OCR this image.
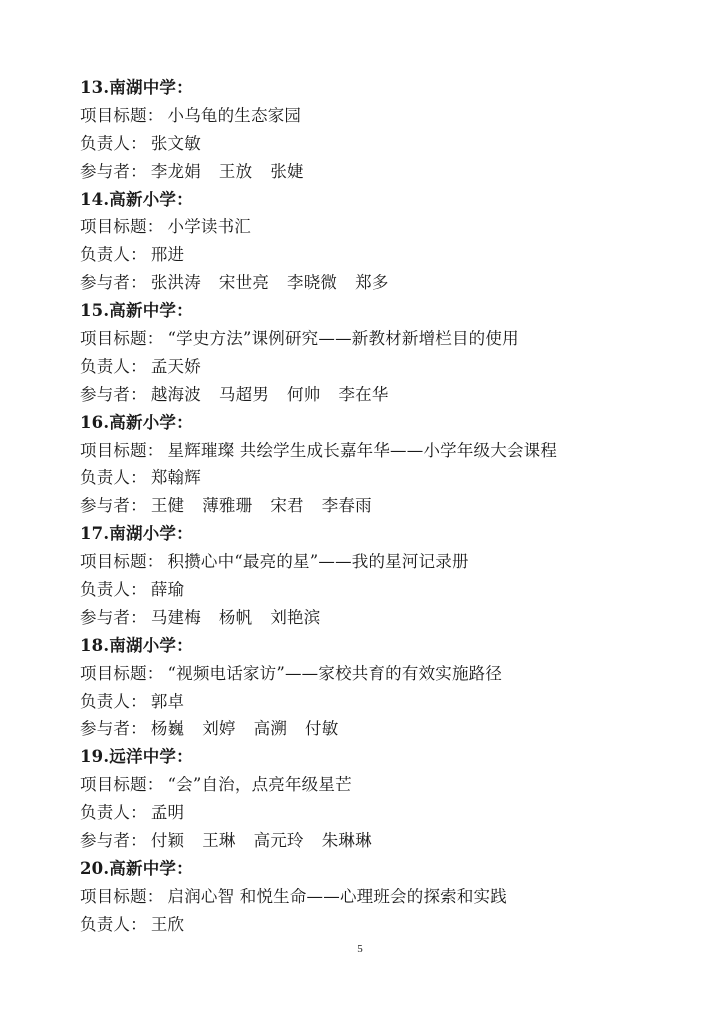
13.南湖中学：
项目标题： 小乌龟的生态家园
负责人： 张文敏
参与者： 李龙娟 王放 张婕
14.高新小学：
项目标题： 小学读书汇
负责人： 邢进
参与者： 张洪涛 宋世亮 李晓微 郑多
15.高新中学：
项目标题： “学史方法”课例研究——新教材新增栏目的使用
负责人： 孟天娇
参与者： 越海波 马超男 何帅 李在华
16.高新小学：
项目标题： 星辉璀璨 共绘学生成长嘉年华——小学年级大会课程
负责人： 郑翰辉
参与者： 王健 薄雅珊 宋君 李春雨
17.南湖小学：
项目标题： 积攒心中“最亮的星”——我的星河记录册
负责人： 薛瑜
参与者： 马建梅 杨帆 刘艳滨
18.南湖小学：
项目标题： “视频电话家访”——家校共育的有效实施路径
负责人： 郭卓
参与者： 杨巍 刘婷 高溯 付敏
19.远洋中学：
项目标题： “会”自治，点亮年级星芒
负责人： 孟明
参与者： 付颖 王琳 高元玲 朱琳琳
20.高新中学：
项目标题： 启润心智 和悦生命——心理班会的探索和实践
负责人： 王欣
5
